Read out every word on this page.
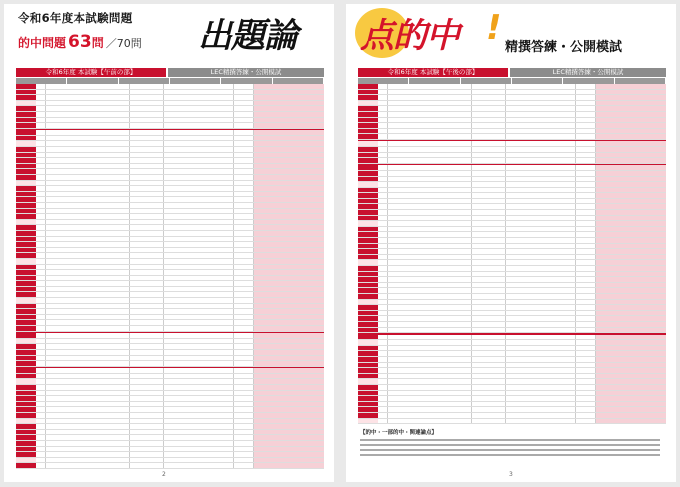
令和6年度本試験問題
的中問題 63問 ／70問
令和6年度 本試験【午前の部】	LEC精撰答練・公開模試
2
令和6年度 本試験【午後の部】	LEC精撰答練・公開模試
【的中・一部的中・関連論点】
3
出題論 点的中 ! 精撰答練・公開模試
